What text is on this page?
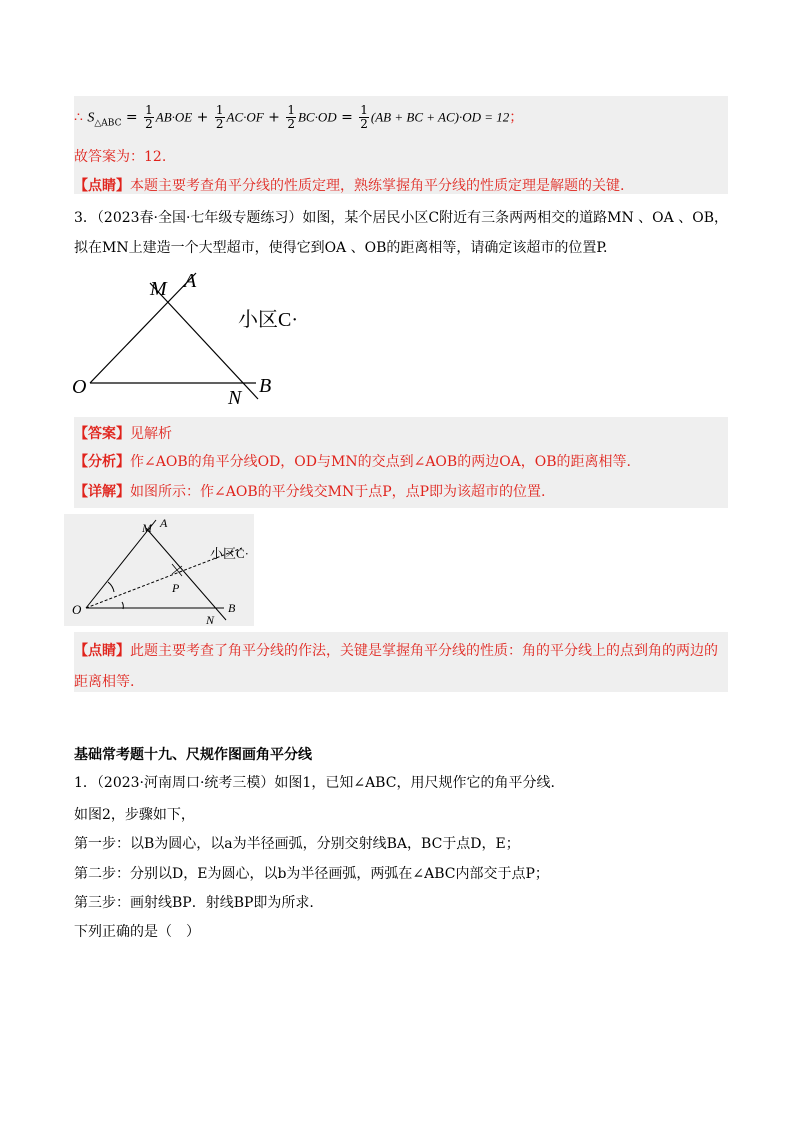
∴ $S_{\triangle ABC} = \frac{1}{2} AB\cdot OE + \frac{1}{2} AC\cdot OF + \frac{1}{2} BC\cdot OD = \frac{1}{2} (AB$ + BC + AC)·OD = 12；
故答案为：12.
【点睛】本题主要考查角平分线的性质定理，熟练掌握角平分线的性质定理是解题的关键.
3．（2023春·全国·七年级专题练习）如图，某个居民小区C附近有三条两两相交的道路MN 、OA 、OB，
拟在MN上建造一个大型超市，使得它到OA 、OB的距离相等，请确定该超市的位置P.
M A
O	B
N
小区C·
【答案】见解析
【分析】作∠AOB的角平分线OD，OD与MN的交点到∠AOB的两边OA，OB的距离相等.
【详解】如图所示：作∠AOB的平分线交MN于点P，点P即为该超市的位置.
M A
O	B
N
P
小区C·
【点睛】此题主要考查了角平分线的作法，关键是掌握角平分线的性质：角的平分线上的点到角的两边的
距离相等.
基础常考题十九、尺规作图画角平分线
1．（2023·河南周口·统考三模）如图1，已知∠ABC，用尺规作它的角平分线.
如图2，步骤如下，
第一步：以B为圆心，以a为半径画弧，分别交射线BA，BC于点D，E；
第二步：分别以D，E为圆心，以b为半径画弧，两弧在∠ABC内部交于点P；
第三步：画射线BP．射线BP即为所求.
下列正确的是（　）
